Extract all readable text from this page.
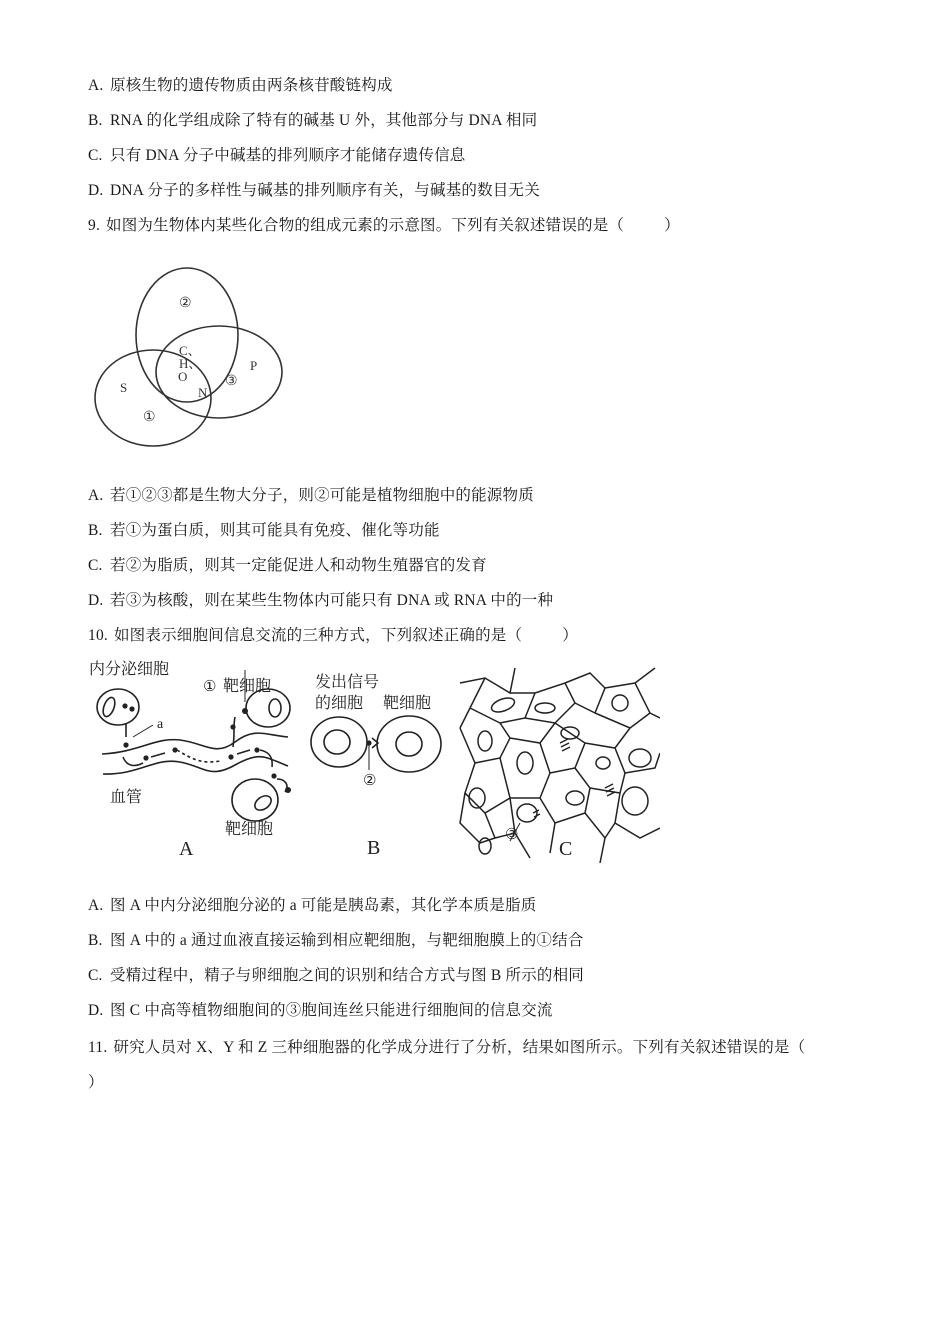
A. 原核生物的遗传物质由两条核苷酸链构成
B. RNA 的化学组成除了特有的碱基 U 外，其他部分与 DNA 相同
C. 只有 DNA 分子中碱基的排列顺序才能储存遗传信息
D. DNA 分子的多样性与碱基的排列顺序有关，与碱基的数目无关
9. 如图为生物体内某些化合物的组成元素的示意图。下列有关叙述错误的是（	）
②
C、
H、
O
N
S
P
③
①
A. 若①②③都是生物大分子，则②可能是植物细胞中的能源物质
B. 若①为蛋白质，则其可能具有免疫、催化等功能
C. 若②为脂质，则其一定能促进人和动物生殖器官的发育
D. 若③为核酸，则在某些生物体内可能只有 DNA 或 RNA 中的一种
10. 如图表示细胞间信息交流的三种方式，下列叙述正确的是（	）
内分泌细胞
靶细胞
血管
靶细胞
a
①
A
发出信号
的细胞 靶细胞
②
B
③
C
A. 图 A 中内分泌细胞分泌的 a 可能是胰岛素，其化学本质是脂质
B. 图 A 中的 a 通过血液直接运输到相应靶细胞，与靶细胞膜上的①结合
C. 受精过程中，精子与卵细胞之间的识别和结合方式与图 B 所示的相同
D. 图 C 中高等植物细胞间的③胞间连丝只能进行细胞间的信息交流
11. 研究人员对 X、Y 和 Z 三种细胞器的化学成分进行了分析，结果如图所示。下列有关叙述错误的是（
）
